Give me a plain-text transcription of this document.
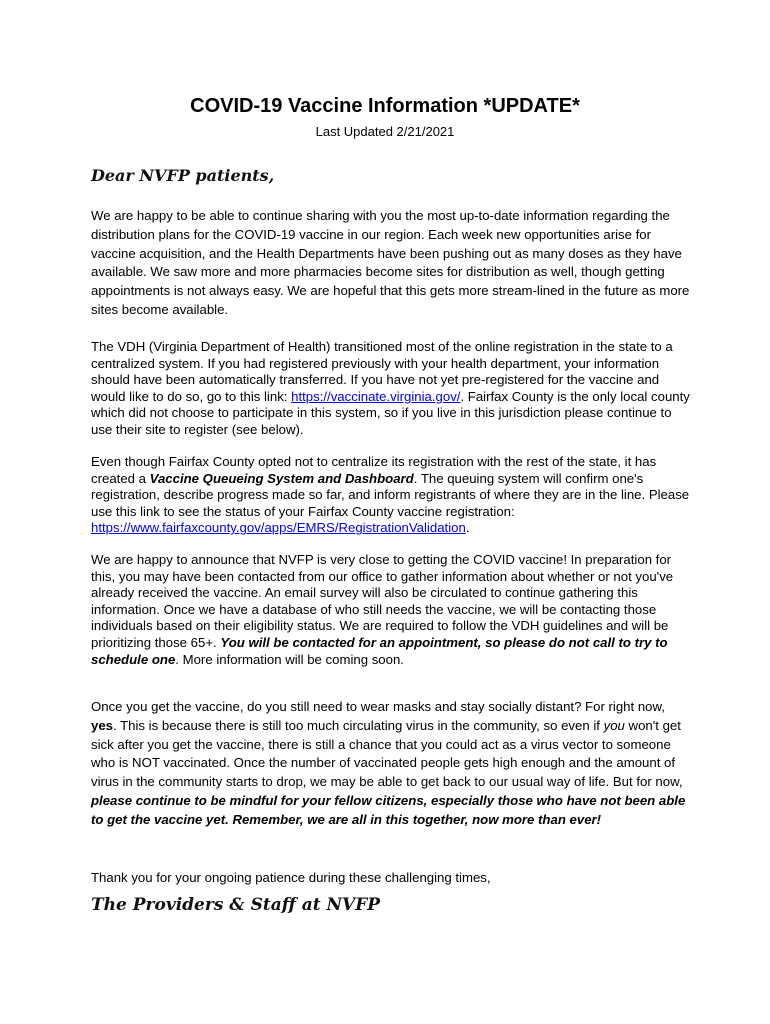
COVID-19 Vaccine Information *UPDATE*
Last Updated 2/21/2021
Dear NVFP patients,

We are happy to be able to continue sharing with you the most up-to-date information regarding the distribution plans for the COVID-19 vaccine in our region. Each week new opportunities arise for vaccine acquisition, and the Health Departments have been pushing out as many doses as they have available. We saw more and more pharmacies become sites for distribution as well, though getting appointments is not always easy. We are hopeful that this gets more stream-lined in the future as more sites become available.

The VDH (Virginia Department of Health) transitioned most of the online registration in the state to a centralized system. If you had registered previously with your health department, your information should have been automatically transferred. If you have not yet pre-registered for the vaccine and would like to do so, go to this link: https://vaccinate.virginia.gov/. Fairfax County is the only local county which did not choose to participate in this system, so if you live in this jurisdiction please continue to use their site to register (see below).

Even though Fairfax County opted not to centralize its registration with the rest of the state, it has created a Vaccine Queueing System and Dashboard. The queuing system will confirm one's registration, describe progress made so far, and inform registrants of where they are in the line. Please use this link to see the status of your Fairfax County vaccine registration: https://www.fairfaxcounty.gov/apps/EMRS/RegistrationValidation.

We are happy to announce that NVFP is very close to getting the COVID vaccine! In preparation for this, you may have been contacted from our office to gather information about whether or not you've already received the vaccine. An email survey will also be circulated to continue gathering this information. Once we have a database of who still needs the vaccine, we will be contacting those individuals based on their eligibility status. We are required to follow the VDH guidelines and will be prioritizing those 65+. You will be contacted for an appointment, so please do not call to try to schedule one. More information will be coming soon.

Once you get the vaccine, do you still need to wear masks and stay socially distant? For right now, yes. This is because there is still too much circulating virus in the community, so even if you won't get sick after you get the vaccine, there is still a chance that you could act as a virus vector to someone who is NOT vaccinated. Once the number of vaccinated people gets high enough and the amount of virus in the community starts to drop, we may be able to get back to our usual way of life. But for now, please continue to be mindful for your fellow citizens, especially those who have not been able to get the vaccine yet. Remember, we are all in this together, now more than ever!

Thank you for your ongoing patience during these challenging times,

The Providers & Staff at NVFP
